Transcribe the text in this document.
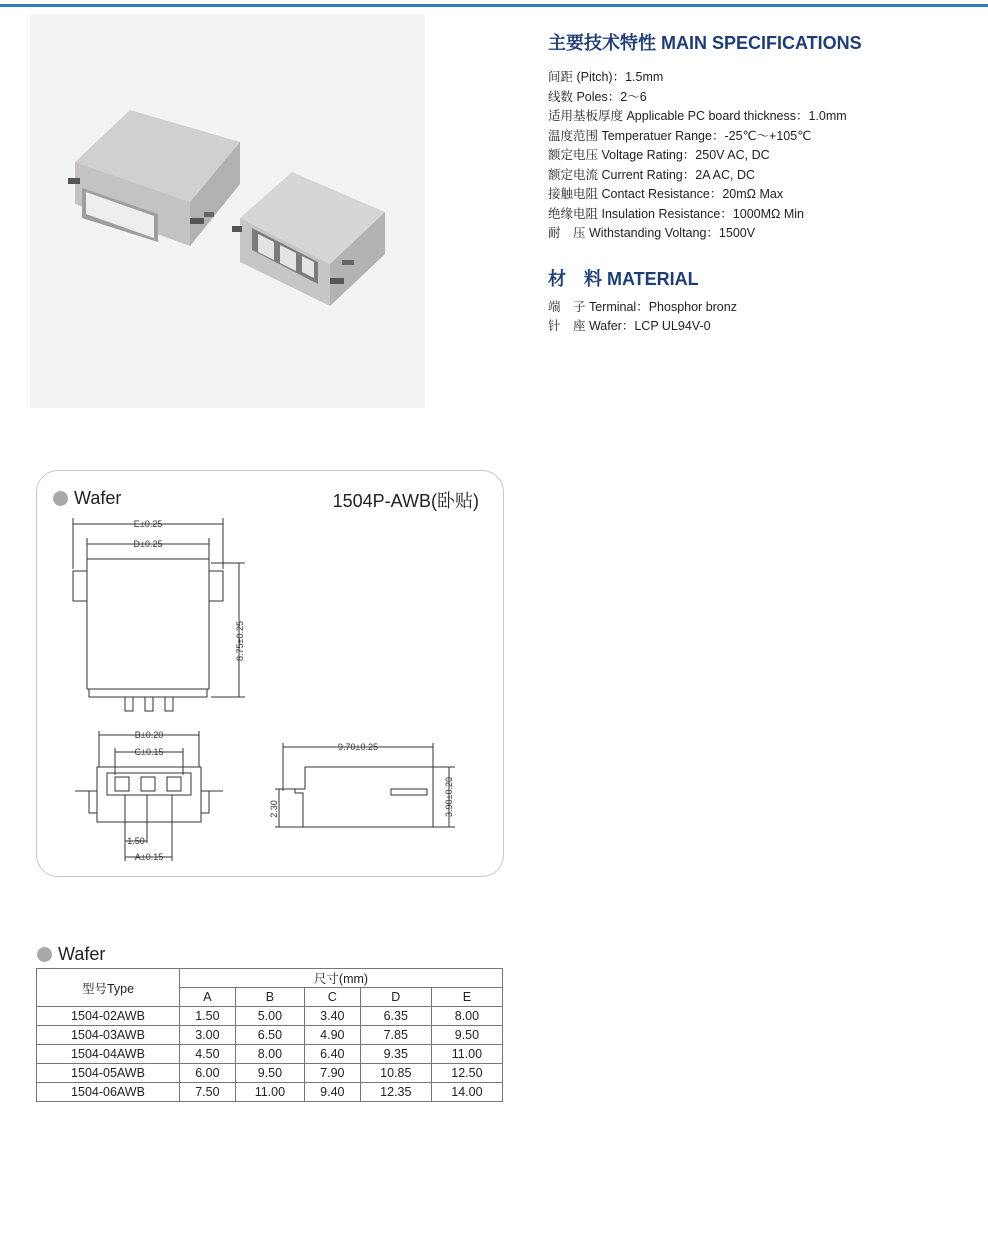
主要技术特性 MAIN SPECIFICATIONS
间距 (Pitch)：1.5mm
线数 Poles：2～6
适用基板厚度 Applicable PC board thickness：1.0mm
温度范围 Temperatuer Range：-25℃～+105℃
额定电压 Voltage Rating：250V AC, DC
额定电流 Current Rating：2A AC, DC
接触电阻 Contact Resistance：20mΩ Max
绝缘电阻 Insulation Resistance：1000MΩ Min
耐　压 Withstanding Voltang：1500V
材　料 MATERIAL
端　子 Terminal：Phosphor bronz
针　座 Wafer：LCP UL94V-0
Wafer	1504P-AWB(卧贴)
E±0.25
D±0.25
8.75±0.25
B±0.20
C±0.15
1.50
A±0.15
9.70±0.25
2.30	3.90±0.20
Wafer
型号Type	尺寸(mm)				
	A	B	C	D	E
1504-02AWB	1.50	5.00	3.40	6.35	8.00
1504-03AWB	3.00	6.50	4.90	7.85	9.50
1504-04AWB	4.50	8.00	6.40	9.35	11.00
1504-05AWB	6.00	9.50	7.90	10.85	12.50
1504-06AWB	7.50	11.00	9.40	12.35	14.00
